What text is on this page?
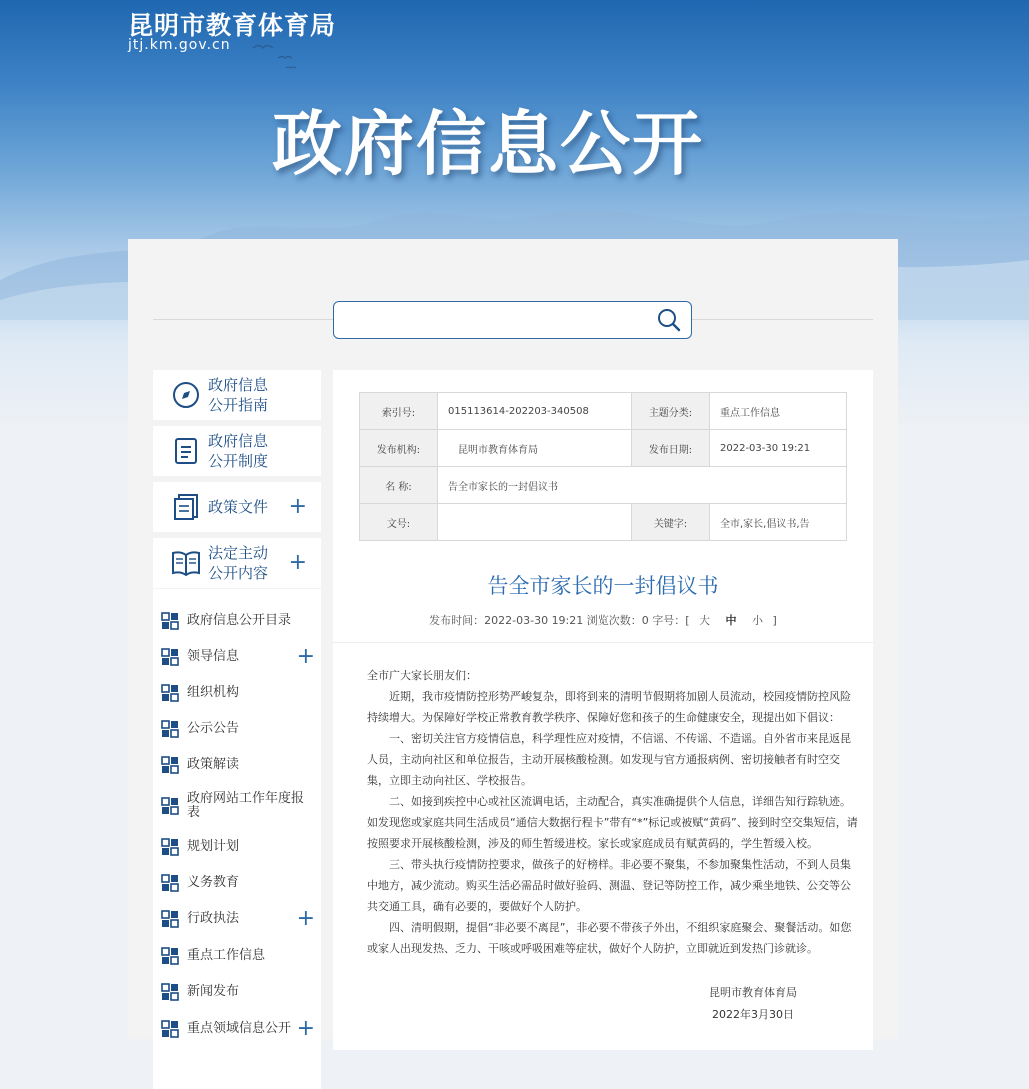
昆明市教育体育局
jtj.km.gov.cn
政府信息公开
政府信息
公开指南
政府信息
公开制度
政策文件 +
法定主动
公开内容 +
政府信息公开目录
领导信息	+
组织机构
公示公告
政策解读
政府网站工作年度报表
规划计划
义务教育
行政执法	+
重点工作信息
新闻发布
重点领域信息公开 +
索引号:	015113614-202203-340508	主题分类:	重点工作信息
发布机构:	昆明市教育体育局	发布日期:	2022-03-30 19:21
名 称:	告全市家长的一封倡议书		
文号:		关键字:	全市,家长,倡议书,告
告全市家长的一封倡议书
发布时间：2022-03-30 19:21 浏览次数：0 字号：[ 大 中 小 ]

全市广大家长朋友们：

近期，我市疫情防控形势严峻复杂，即将到来的清明节假期将加剧人员流动，校园疫情防控风险持续增大。为保障好学校正常教育教学秩序、保障好您和孩子的生命健康安全，现提出如下倡议：

一、密切关注官方疫情信息，科学理性应对疫情，不信谣、不传谣、不造谣。自外省市来昆返昆人员，主动向社区和单位报告，主动开展核酸检测。如发现与官方通报病例、密切接触者有时空交集，立即主动向社区、学校报告。

二、如接到疾控中心或社区流调电话，主动配合，真实准确提供个人信息，详细告知行踪轨迹。如发现您或家庭共同生活成员“通信大数据行程卡”带有“*”标记或被赋“黄码”、接到时空交集短信，请按照要求开展核酸检测，涉及的师生暂缓进校。家长或家庭成员有赋黄码的，学生暂缓入校。

三、带头执行疫情防控要求，做孩子的好榜样。非必要不聚集，不参加聚集性活动，不到人员集中地方，减少流动。购买生活必需品时做好验码、测温、登记等防控工作，减少乘坐地铁、公交等公共交通工具，确有必要的，要做好个人防护。

四、清明假期，提倡“非必要不离昆”，非必要不带孩子外出，不组织家庭聚会、聚餐活动。如您或家人出现发热、乏力、干咳或呼吸困难等症状，做好个人防护，立即就近到发热门诊就诊。

昆明市教育体育局
2022年3月30日
